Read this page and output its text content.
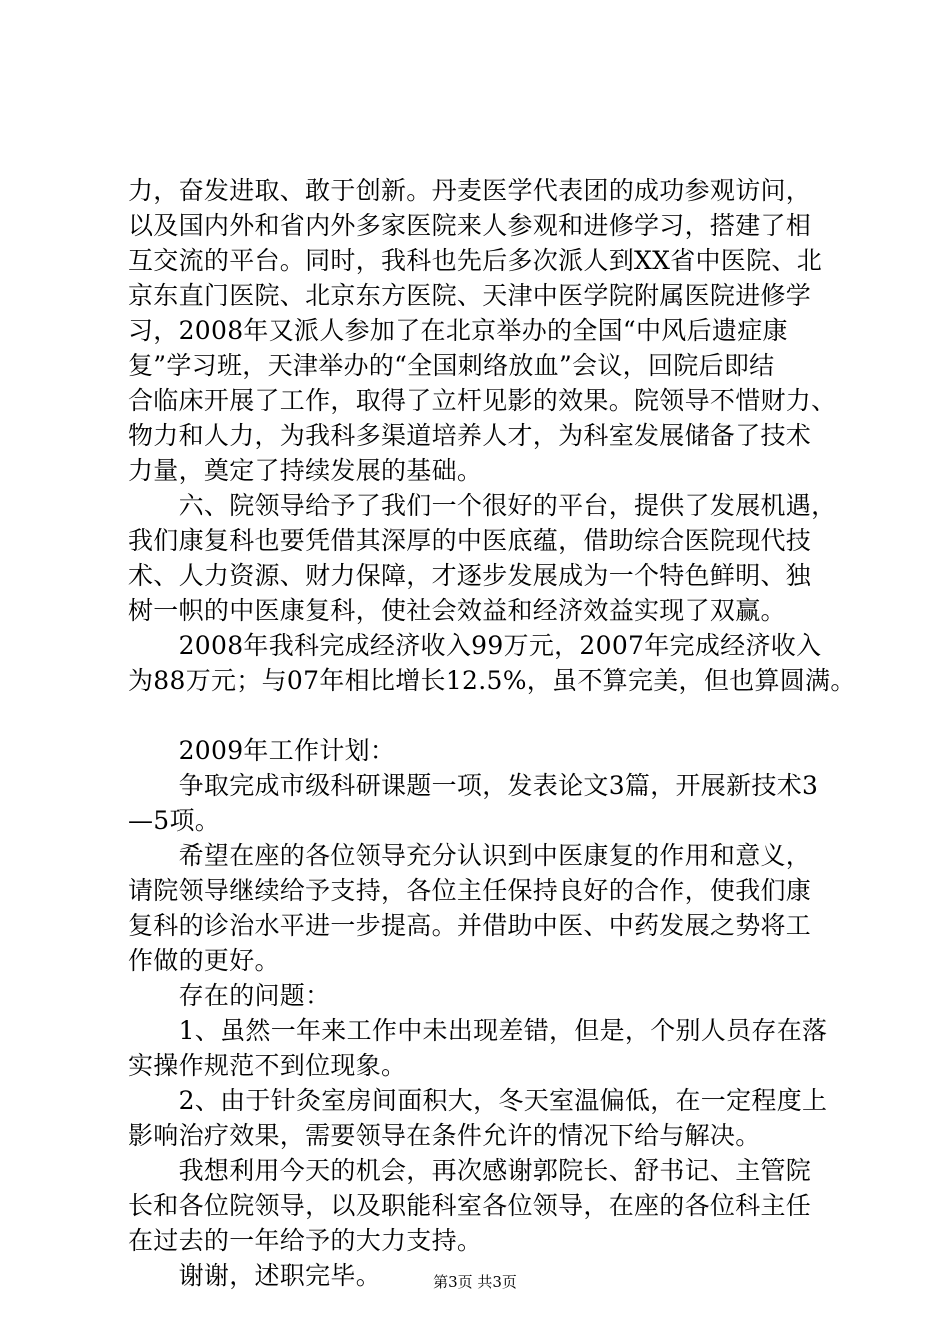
力，奋发进取、敢于创新。丹麦医学代表团的成功参观访问，
以及国内外和省内外多家医院来人参观和进修学习，搭建了相
互交流的平台。同时，我科也先后多次派人到XX省中医院、北
京东直门医院、北京东方医院、天津中医学院附属医院进修学
习，2008年又派人参加了在北京举办的全国“中风后遗症康
复”学习班，天津举办的“全国刺络放血”会议，回院后即结
合临床开展了工作，取得了立杆见影的效果。院领导不惜财力、
物力和人力，为我科多渠道培养人才，为科室发展储备了技术
力量，奠定了持续发展的基础。
　　六、院领导给予了我们一个很好的平台，提供了发展机遇，
我们康复科也要凭借其深厚的中医底蕴，借助综合医院现代技
术、人力资源、财力保障，才逐步发展成为一个特色鲜明、独
树一帜的中医康复科，使社会效益和经济效益实现了双赢。
　　2008年我科完成经济收入99万元，2007年完成经济收入
为88万元；与07年相比增长12.5%，虽不算完美，但也算圆满。
　　2009年工作计划：
　　争取完成市级科研课题一项，发表论文3篇，开展新技术3
—5项。
　　希望在座的各位领导充分认识到中医康复的作用和意义，
请院领导继续给予支持，各位主任保持良好的合作，使我们康
复科的诊治水平进一步提高。并借助中医、中药发展之势将工
作做的更好。
　　存在的问题：
　　1、虽然一年来工作中未出现差错，但是，个别人员存在落
实操作规范不到位现象。
　　2、由于针灸室房间面积大，冬天室温偏低，在一定程度上
影响治疗效果，需要领导在条件允许的情况下给与解决。
　　我想利用今天的机会，再次感谢郭院长、舒书记、主管院
长和各位院领导，以及职能科室各位领导，在座的各位科主任
在过去的一年给予的大力支持。
　　谢谢，述职完毕。	第3页 共3页
